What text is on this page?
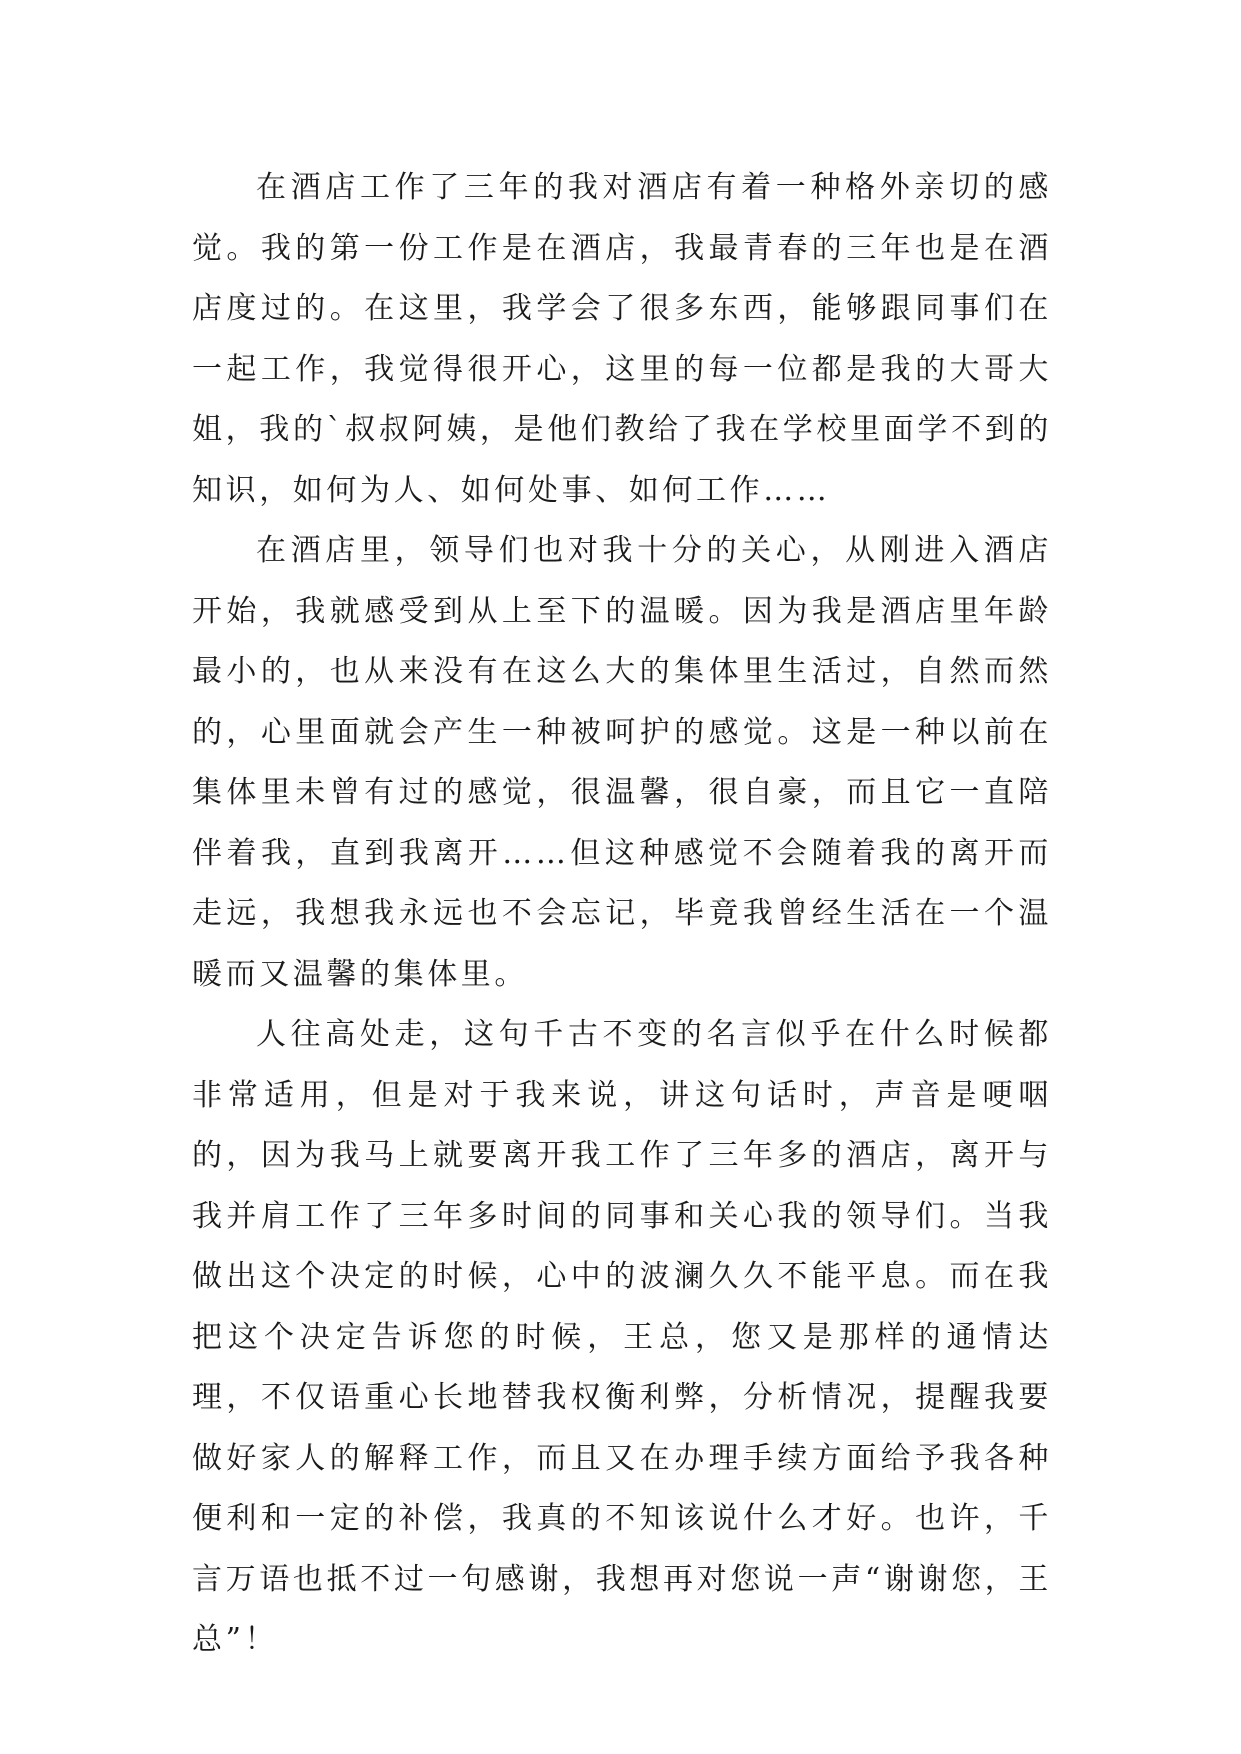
在酒店工作了三年的我对酒店有着一种格外亲切的感觉。我的第一份工作是在酒店，我最青春的三年也是在酒店度过的。在这里，我学会了很多东西，能够跟同事们在一起工作，我觉得很开心，这里的每一位都是我的大哥大姐，我的`叔叔阿姨，是他们教给了我在学校里面学不到的知识，如何为人、如何处事、如何工作……

在酒店里，领导们也对我十分的关心，从刚进入酒店开始，我就感受到从上至下的温暖。因为我是酒店里年龄最小的，也从来没有在这么大的集体里生活过，自然而然的，心里面就会产生一种被呵护的感觉。这是一种以前在集体里未曾有过的感觉，很温馨，很自豪，而且它一直陪伴着我，直到我离开……但这种感觉不会随着我的离开而走远，我想我永远也不会忘记，毕竟我曾经生活在一个温暖而又温馨的集体里。

人往高处走，这句千古不变的名言似乎在什么时候都非常适用，但是对于我来说，讲这句话时，声音是哽咽的，因为我马上就要离开我工作了三年多的酒店，离开与我并肩工作了三年多时间的同事和关心我的领导们。当我做出这个决定的时候，心中的波澜久久不能平息。而在我把这个决定告诉您的时候，王总，您又是那样的通情达理，不仅语重心长地替我权衡利弊，分析情况，提醒我要做好家人的解释工作，而且又在办理手续方面给予我各种便利和一定的补偿，我真的不知该说什么才好。也许，千言万语也抵不过一句感谢，我想再对您说一声“谢谢您，王总”！
